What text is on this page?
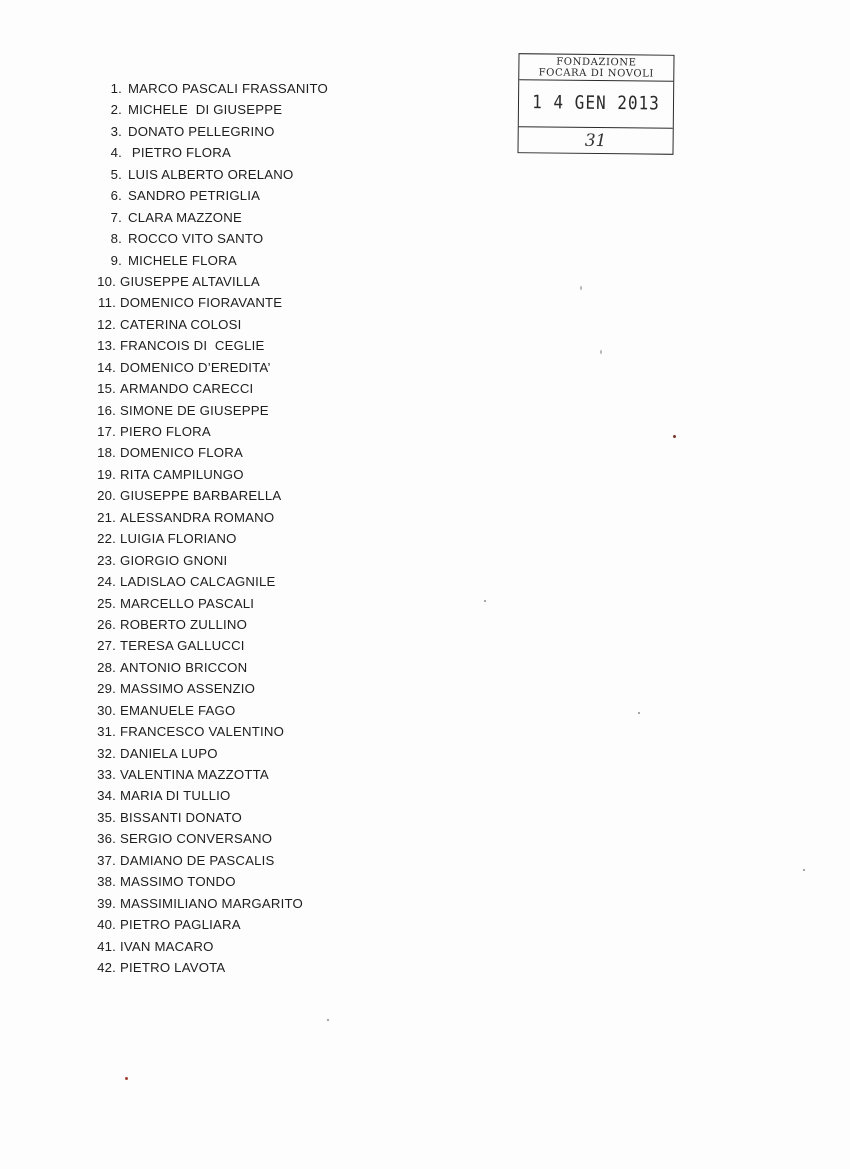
FONDAZIONE
FOCARA DI NOVOLI
1 4 GEN 2013
31
1. MARCO PASCALI FRASSANITO
2. MICHELE  DI GIUSEPPE
3. DONATO PELLEGRINO
4. PIETRO FLORA
5. LUIS ALBERTO ORELANO
6. SANDRO PETRIGLIA
7. CLARA MAZZONE
8. ROCCO VITO SANTO
9. MICHELE FLORA
10. GIUSEPPE ALTAVILLA
11. DOMENICO FIORAVANTE
12. CATERINA COLOSI
13. FRANCOIS DI  CEGLIE
14. DOMENICO D’EREDITA’
15. ARMANDO CARECCI
16. SIMONE DE GIUSEPPE
17. PIERO FLORA
18. DOMENICO FLORA
19. RITA CAMPILUNGO
20. GIUSEPPE BARBARELLA
21. ALESSANDRA ROMANO
22. LUIGIA FLORIANO
23. GIORGIO GNONI
24. LADISLAO CALCAGNILE
25. MARCELLO PASCALI
26. ROBERTO ZULLINO
27. TERESA GALLUCCI
28. ANTONIO BRICCON
29. MASSIMO ASSENZIO
30. EMANUELE FAGO
31. FRANCESCO VALENTINO
32. DANIELA LUPO
33. VALENTINA MAZZOTTA
34. MARIA DI TULLIO
35. BISSANTI DONATO
36. SERGIO CONVERSANO
37. DAMIANO DE PASCALIS
38. MASSIMO TONDO
39. MASSIMILIANO MARGARITO
40. PIETRO PAGLIARA
41. IVAN MACARO
42. PIETRO LAVOTA
